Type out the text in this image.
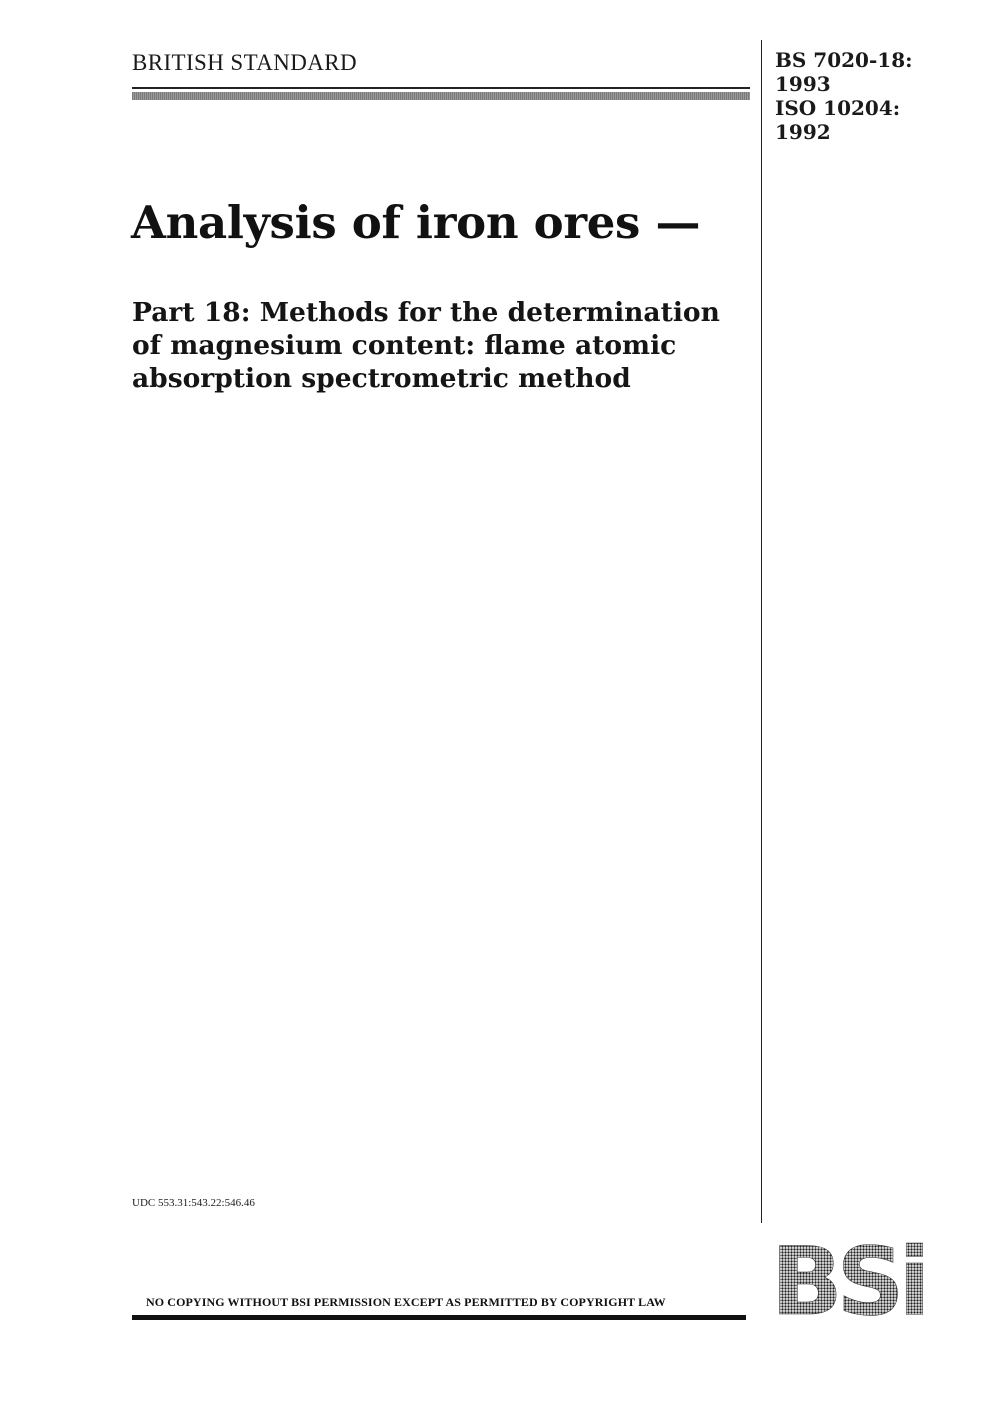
BRITISH STANDARD	BS 7020-18:
1993
ISO 10204:
1992
Analysis of iron ores —
Part 18: Methods for the determination
of magnesium content: flame atomic
absorption spectrometric method
UDC 553.31:543.22:546.46
NO COPYING WITHOUT BSI PERMISSION EXCEPT AS PERMITTED BY COPYRIGHT LAW BSi
